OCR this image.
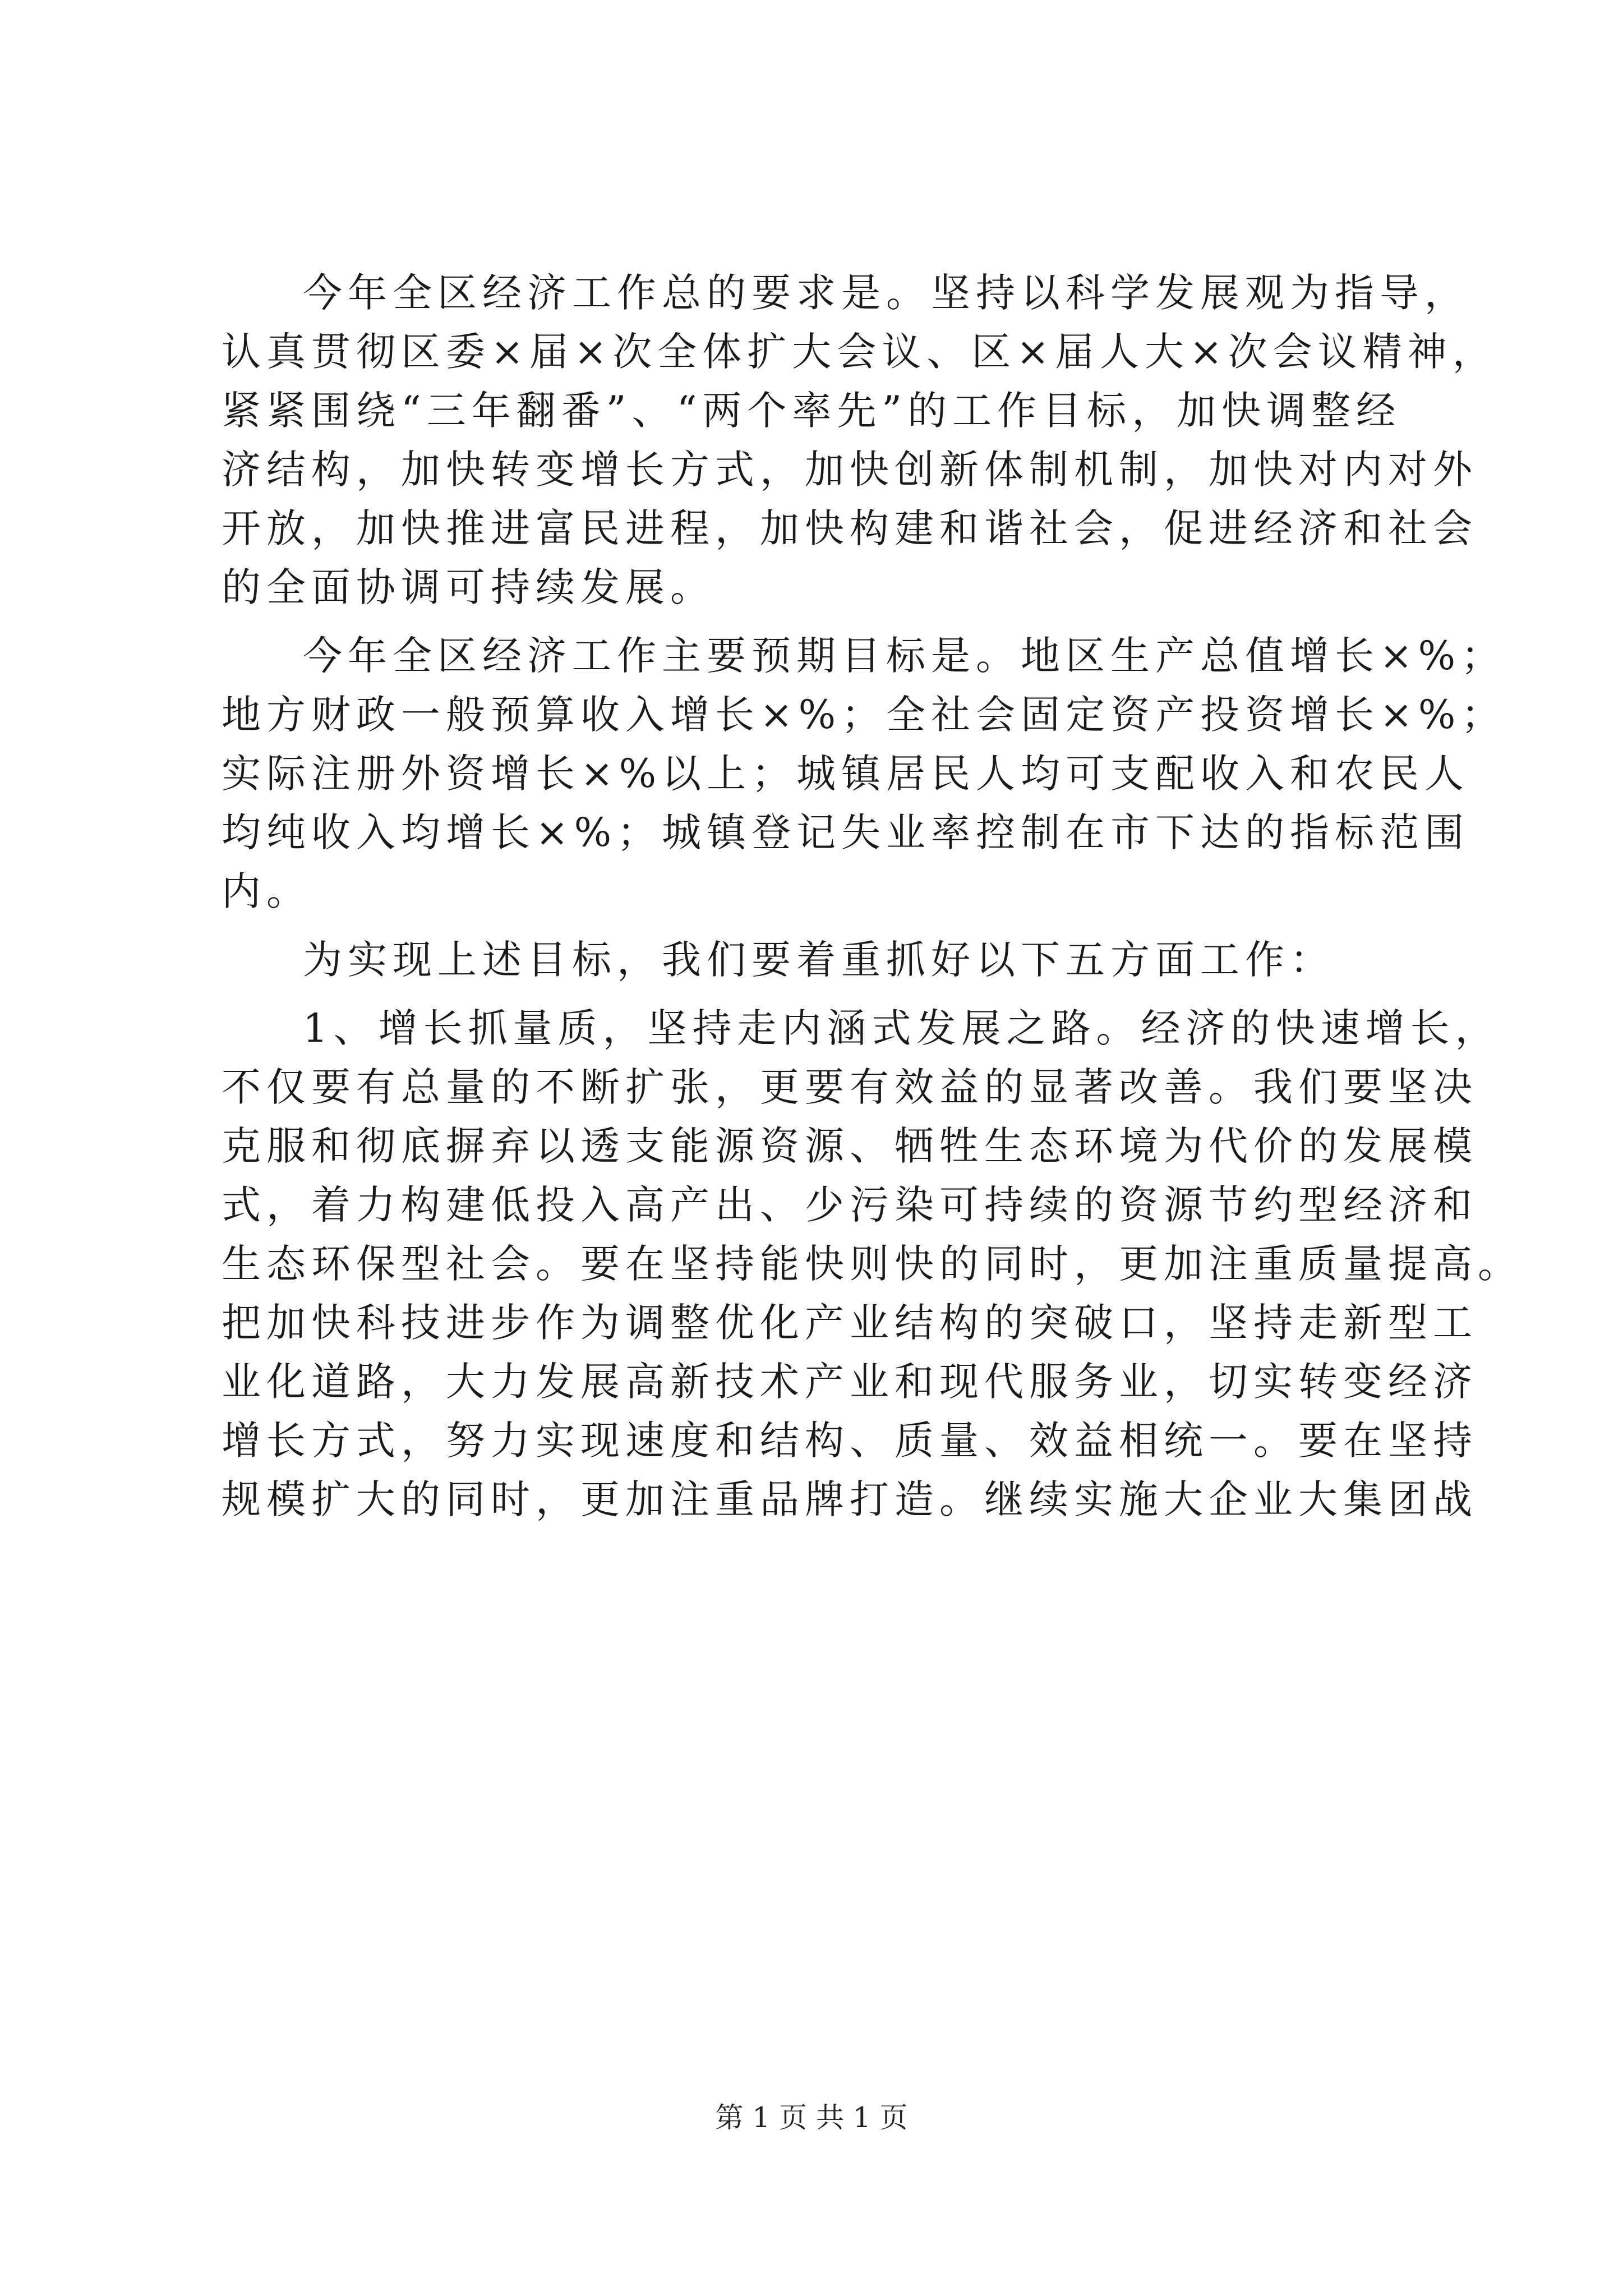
今年全区经济工作总的要求是。坚持以科学发展观为指导，
认真贯彻区委×届×次全体扩大会议、区×届人大×次会议精神，
紧紧围绕“三年翻番”、“两个率先”的工作目标，加快调整经
济结构，加快转变增长方式，加快创新体制机制，加快对内对外
开放，加快推进富民进程，加快构建和谐社会，促进经济和社会
的全面协调可持续发展。
今年全区经济工作主要预期目标是。地区生产总值增长×%；
地方财政一般预算收入增长×%；全社会固定资产投资增长×%；
实际注册外资增长×%以上；城镇居民人均可支配收入和农民人
均纯收入均增长×%；城镇登记失业率控制在市下达的指标范围
内。
为实现上述目标，我们要着重抓好以下五方面工作：
1、增长抓量质，坚持走内涵式发展之路。经济的快速增长，
不仅要有总量的不断扩张，更要有效益的显著改善。我们要坚决
克服和彻底摒弃以透支能源资源、牺牲生态环境为代价的发展模
式，着力构建低投入高产出、少污染可持续的资源节约型经济和
生态环保型社会。要在坚持能快则快的同时，更加注重质量提高。
把加快科技进步作为调整优化产业结构的突破口，坚持走新型工
业化道路，大力发展高新技术产业和现代服务业，切实转变经济
增长方式，努力实现速度和结构、质量、效益相统一。要在坚持
规模扩大的同时，更加注重品牌打造。继续实施大企业大集团战
第 1 页 共 1 页
